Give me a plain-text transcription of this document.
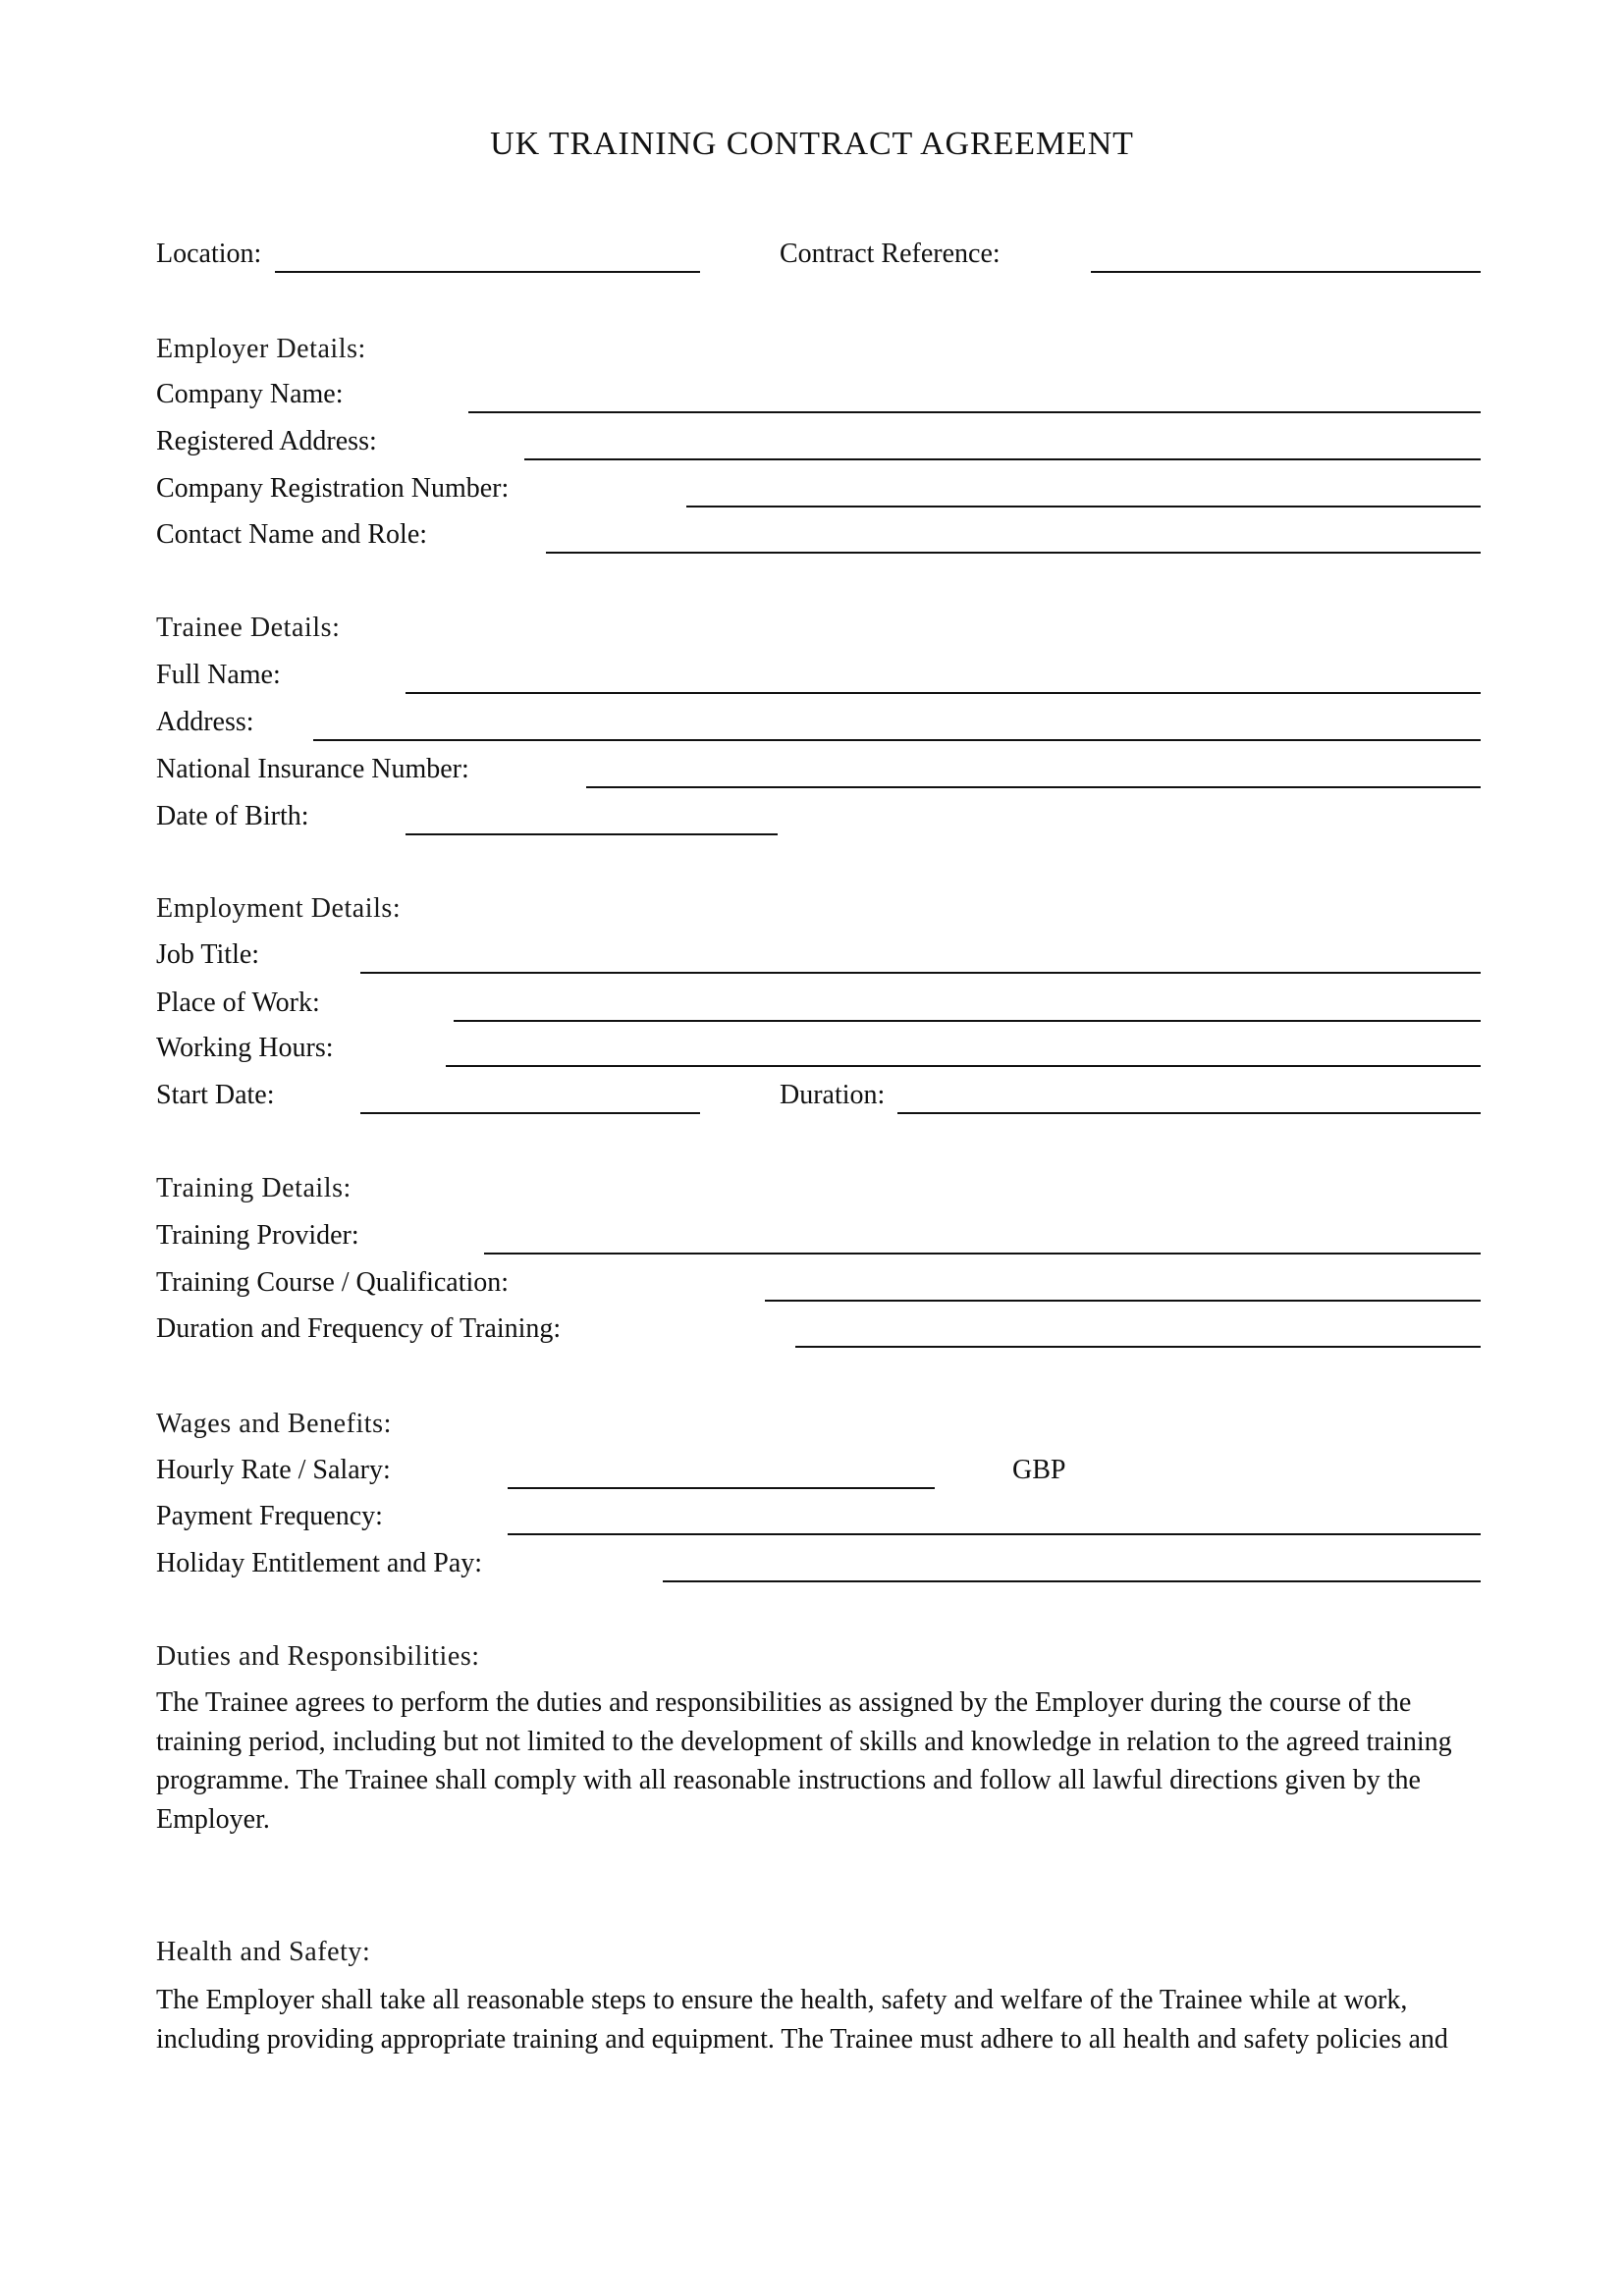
UK TRAINING CONTRACT AGREEMENT
Location:	Contract Reference:
Employer Details:
Company Name:
Registered Address:
Company Registration Number:
Contact Name and Role:
Trainee Details:
Full Name:
Address:
National Insurance Number:
Date of Birth:
Employment Details:
Job Title:
Place of Work:
Working Hours:
Start Date:	Duration:
Training Details:
Training Provider:
Training Course / Qualification:
Duration and Frequency of Training:
Wages and Benefits:
Hourly Rate / Salary:	GBP
Payment Frequency:
Holiday Entitlement and Pay:
Duties and Responsibilities:
The Trainee agrees to perform the duties and responsibilities as assigned by the Employer during the course of the training period, including but not limited to the development of skills and knowledge in relation to the agreed training programme. The Trainee shall comply with all reasonable instructions and follow all lawful directions given by the Employer.
Health and Safety:
The Employer shall take all reasonable steps to ensure the health, safety and welfare of the Trainee while at work, including providing appropriate training and equipment. The Trainee must adhere to all health and safety policies and
